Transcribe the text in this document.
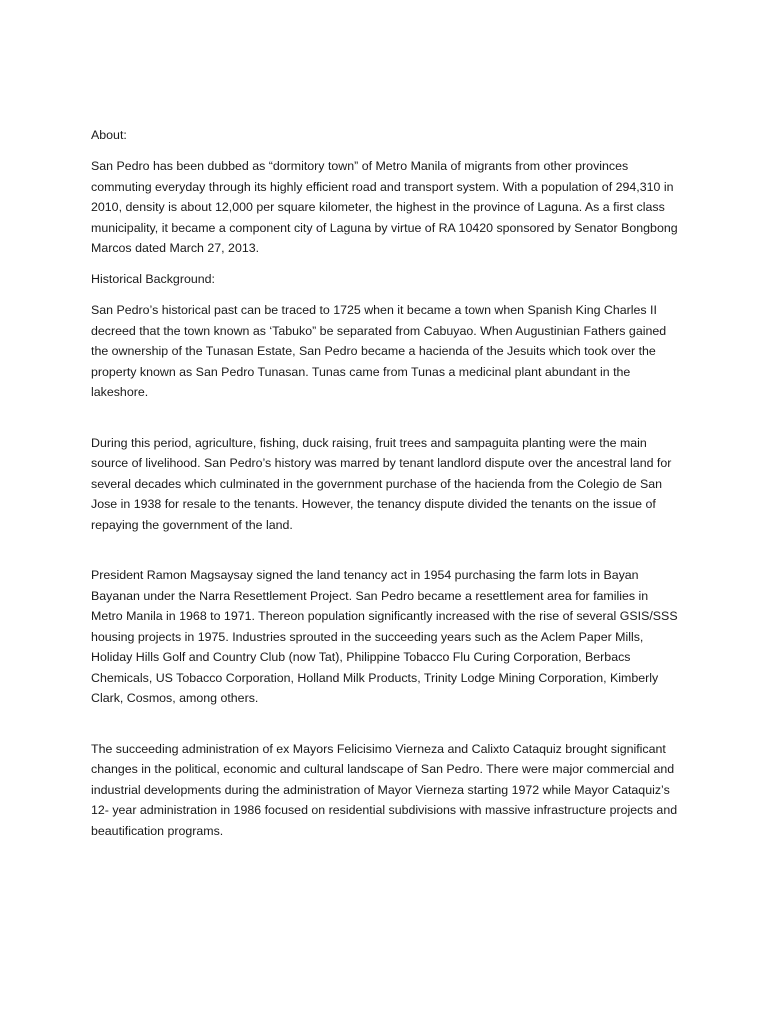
About:

San Pedro has been dubbed as “dormitory town” of Metro Manila of migrants from other provinces commuting everyday through its highly efficient road and transport system. With a population of 294,310 in 2010, density is about 12,000 per square kilometer, the highest in the province of Laguna. As a first class municipality, it became a component city of Laguna by virtue of RA 10420 sponsored by Senator Bongbong Marcos dated March 27, 2013.

Historical Background:

San Pedro’s historical past can be traced to 1725 when it became a town when Spanish King Charles II decreed that the town known as ‘Tabuko” be separated from Cabuyao. When Augustinian Fathers gained the ownership of the Tunasan Estate, San Pedro became a hacienda of the Jesuits which took over the property known as San Pedro Tunasan. Tunas came from Tunas a medicinal plant abundant in the lakeshore.

During this period, agriculture, fishing, duck raising, fruit trees and sampaguita planting were the main source of livelihood. San Pedro’s history was marred by tenant landlord dispute over the ancestral land for several decades which culminated in the government purchase of the hacienda from the Colegio de San Jose in 1938 for resale to the tenants. However, the tenancy dispute divided the tenants on the issue of repaying the government of the land.

President Ramon Magsaysay signed the land tenancy act in 1954 purchasing the farm lots in Bayan Bayanan under the Narra Resettlement Project. San Pedro became a resettlement area for families in Metro Manila in 1968 to 1971. Thereon population significantly increased with the rise of several GSIS/SSS housing projects in 1975. Industries sprouted in the succeeding years such as the Aclem Paper Mills, Holiday Hills Golf and Country Club (now Tat), Philippine Tobacco Flu Curing Corporation, Berbacs Chemicals, US Tobacco Corporation, Holland Milk Products, Trinity Lodge Mining Corporation, Kimberly Clark, Cosmos, among others.

The succeeding administration of ex Mayors Felicisimo Vierneza and Calixto Cataquiz brought significant changes in the political, economic and cultural landscape of San Pedro. There were major commercial and industrial developments during the administration of Mayor Vierneza starting 1972 while Mayor Cataquiz’s 12- year administration in 1986 focused on residential subdivisions with massive infrastructure projects and beautification programs.
